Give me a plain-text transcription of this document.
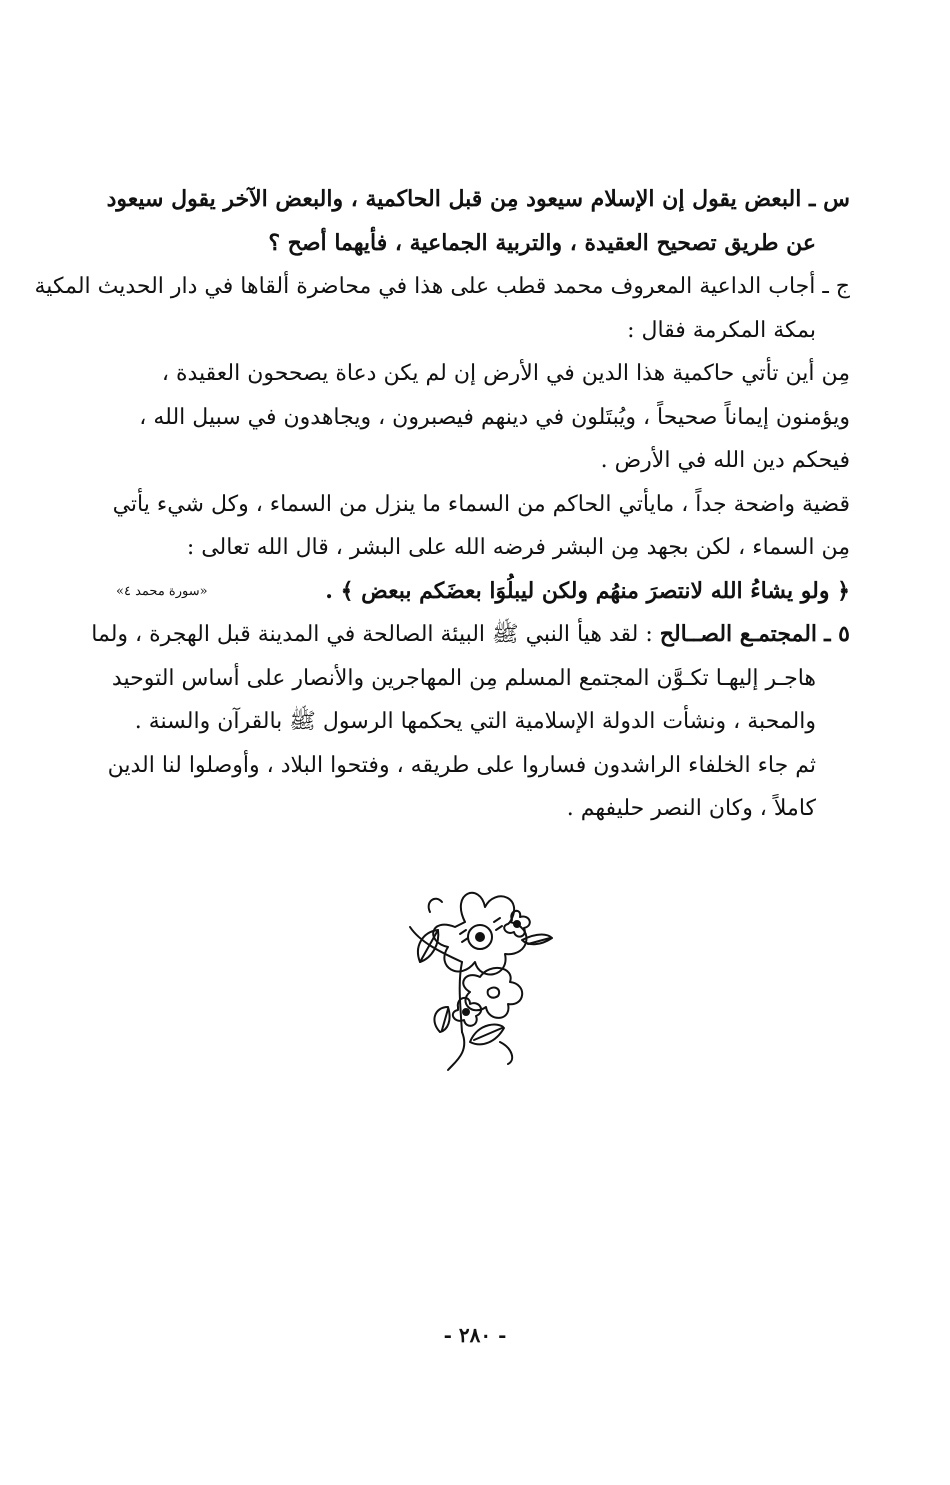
س ـ البعض يقول إن الإسلام سيعود مِن قبل الحاكمية ، والبعض الآخر يقول سيعود
عن طريق تصحيح العقيدة ، والتربية الجماعية ، فأيهما أصح ؟
ج ـ أجاب الداعية المعروف محمد قطب على هذا في محاضرة ألقاها في دار الحديث المكية
بمكة المكرمة فقال :
مِن أين تأتي حاكمية هذا الدين في الأرض إن لم يكن دعاة يصححون العقيدة ،
ويؤمنون إيماناً صحيحاً ، ويُبتَلون في دينهم فيصبرون ، ويجاهدون في سبيل الله ،
فيحكم دين الله في الأرض .
قضية واضحة جداً ، مايأتي الحاكم من السماء ما ينزل من السماء ، وكل شيء يأتي
مِن السماء ، لكن بجهد مِن البشر فرضه الله على البشر ، قال الله تعالى :
﴿ ولو يشاءُ الله لانتصرَ منهُم ولكن ليبلُوَا بعضَكم ببعض ﴾ .
«سورة محمد ٤»
٥ ـ المجتمـع الصــالح : لقد هيأ النبي ﷺ البيئة الصالحة في المدينة قبل الهجرة ، ولما
هاجـر إليهـا تكـوَّن المجتمع المسلم مِن المهاجرين والأنصار على أساس التوحيد
والمحبة ، ونشأت الدولة الإسلامية التي يحكمها الرسول ﷺ بالقرآن والسنة .
ثم جاء الخلفاء الراشدون فساروا على طريقه ، وفتحوا البلاد ، وأوصلوا لنا الدين
كاملاً ، وكان النصر حليفهم .
- ٢٨٠ -
